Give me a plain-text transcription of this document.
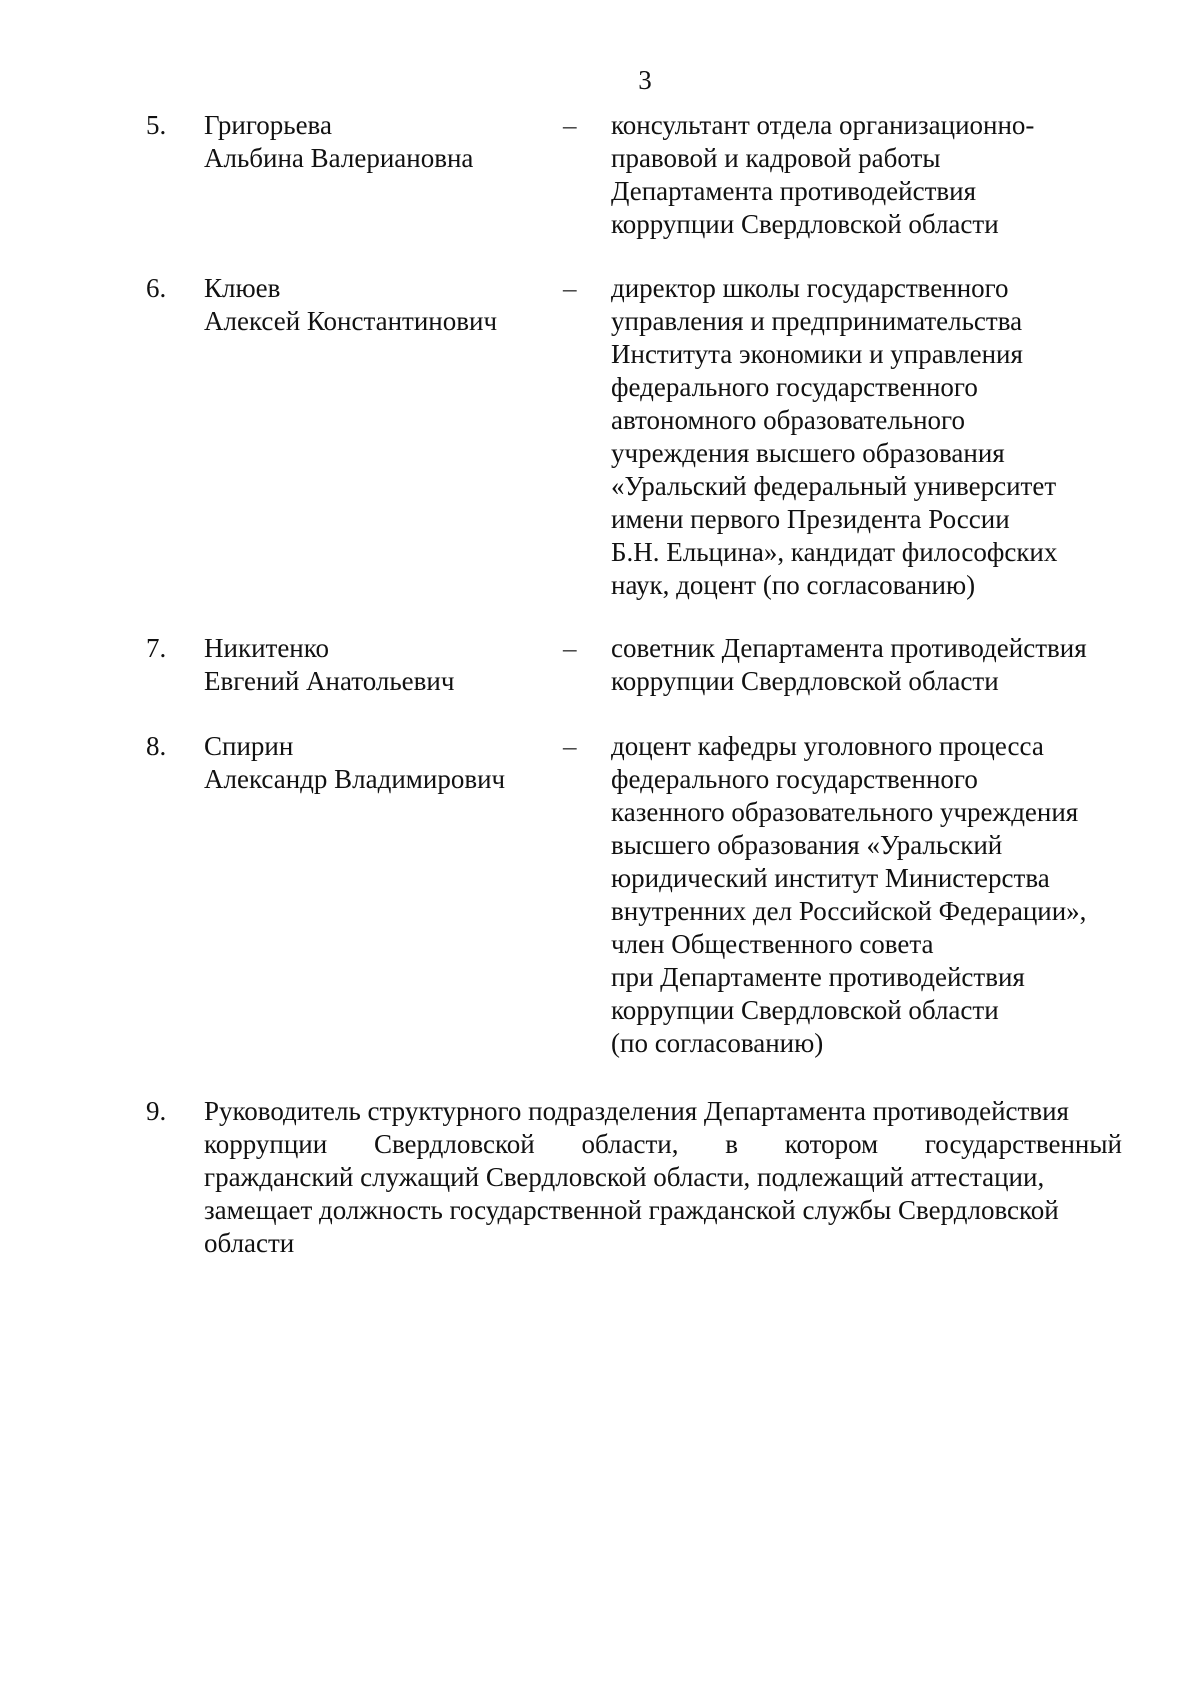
3
5. Григорьева
Альбина Валериановна
– консультант отдела организационно-
правовой и кадровой работы
Департамента противодействия
коррупции Свердловской области
6. Клюев
Алексей Константинович
– директор школы государственного
управления и предпринимательства
Института экономики и управления
федерального государственного
автономного образовательного
учреждения высшего образования
«Уральский федеральный университет
имени первого Президента России
Б.Н. Ельцина», кандидат философских
наук, доцент (по согласованию)
7. Никитенко
Евгений Анатольевич
– советник Департамента противодействия
коррупции Свердловской области
8. Спирин
Александр Владимирович
– доцент кафедры уголовного процесса
федерального государственного
казенного образовательного учреждения
высшего образования «Уральский
юридический институт Министерства
внутренних дел Российской Федерации»,
член Общественного совета
при Департаменте противодействия
коррупции Свердловской области
(по согласованию)
9. Руководитель структурного подразделения Департамента противодействия
коррупции Свердловской области, в котором государственный
гражданский служащий Свердловской области, подлежащий аттестации,
замещает должность государственной гражданской службы Свердловской
области
